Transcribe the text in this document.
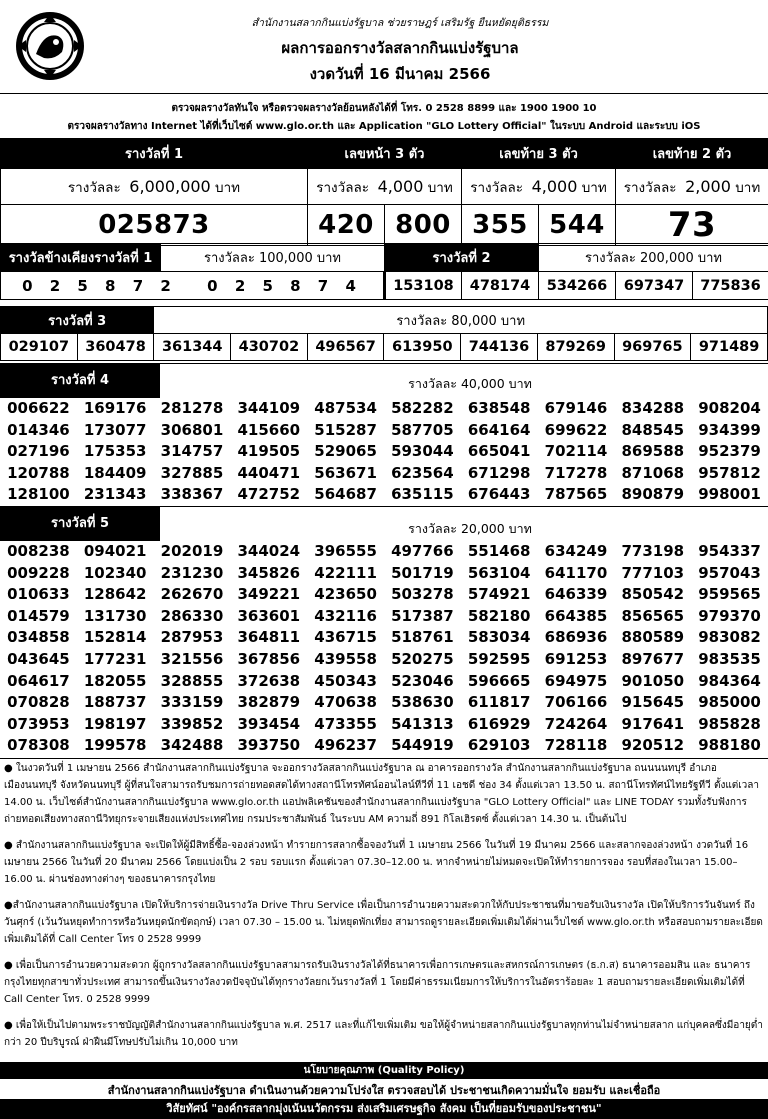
สำนักงานสลากกินแบ่งรัฐบาล ช่วยราษฎร์ เสริมรัฐ ยืนหยัดยุติธรรม
ผลการออกรางวัลสลากกินแบ่งรัฐบาล
งวดวันที่ 16 มีนาคม 2566
ตรวจผลรางวัลทันใจ หรือตรวจผลรางวัลย้อนหลังได้ที่ โทร. 0 2528 8899 และ 1900 1900 10
ตรวจผลรางวัลทาง Internet ได้ที่เว็บไซต์ www.glo.or.th และ Application "GLO Lottery Official" ในระบบ Android และระบบ iOS
รางวัลที่ 1	เลขหน้า 3 ตัว		เลขท้าย 3 ตัว		เลขท้าย 2 ตัว
รางวัลละ 6,000,000 บาท	รางวัลละ 4,000 บาท		รางวัลละ 4,000 บาท		รางวัลละ 2,000 บาท
025873	420	800	355	544	73
รางวัลข้างเคียงรางวัลที่ 1	รางวัลละ 100,000 บาท	รางวัลที่ 2		รางวัลละ 200,000 บาท		
0 2 5 8 7 2 0 2 5 8 7 4		153108	478174	534266	697347	775836
รางวัลที่ 3		รางวัลละ 80,000 บาท							
029107	360478	361344	430702	496567	613950	744136	879269	969765	971489
รางวัลที่ 4	รางวัลละ 40,000 บาท
006622 169176 281278 344109 487534 582282 638548 679146 834288 908204
014346 173077 306801 415660 515287 587705 664164 699622 848545 934399
027196 175353 314757 419505 529065 593044 665041 702114 869588 952379
120788 184409 327885 440471 563671 623564 671298 717278 871068 957812
128100 231343 338367 472752 564687 635115 676443 787565 890879 998001
รางวัลที่ 5	รางวัลละ 20,000 บาท
008238 094021 202019 344024 396555 497766 551468 634249 773198 954337
009228 102340 231230 345826 422111 501719 563104 641170 777103 957043
010633 128642 262670 349221 423650 503278 574921 646339 850542 959565
014579 131730 286330 363601 432116 517387 582180 664385 856565 979370
034858 152814 287953 364811 436715 518761 583034 686936 880589 983082
043645 177231 321556 367856 439558 520275 592595 691253 897677 983535
064617 182055 328855 372638 450343 523046 596665 694975 901050 984364
070828 188737 333159 382879 470638 538630 611817 706166 915645 985000
073953 198197 339852 393454 473355 541313 616929 724264 917641 985828
078308 199578 342488 393750 496237 544919 629103 728118 920512 988180

● ในงวดวันที่ 1 เมษายน 2566 สำนักงานสลากกินแบ่งรัฐบาล จะออกรางวัลสลากกินแบ่งรัฐบาล ณ อาคารออกรางวัล สำนักงานสลากกินแบ่งรัฐบาล ถนนนนทบุรี อำเภอเมืองนนทบุรี จังหวัดนนทบุรี ผู้ที่สนใจสามารถรับชมการถ่ายทอดสดได้ทางสถานีโทรทัศน์ออนไลน์ทีวีที่ 11 เอชดี ช่อง 34 ตั้งแต่เวลา 13.50 น. สถานีโทรทัศน์ไทยรัฐทีวี ตั้งแต่เวลา 14.00 น. เว็บไซต์สำนักงานสลากกินแบ่งรัฐบาล www.glo.or.th แอปพลิเคชันของสำนักงานสลากกินแบ่งรัฐบาล "GLO Lottery Official" และ LINE TODAY รวมทั้งรับฟังการถ่ายทอดเสียงทางสถานีวิทยุกระจายเสียงแห่งประเทศไทย กรมประชาสัมพันธ์ ในระบบ AM ความถี่ 891 กิโลเฮิรตซ์ ตั้งแต่เวลา 14.30 น. เป็นต้นไป

● สำนักงานสลากกินแบ่งรัฐบาล จะเปิดให้ผู้มีสิทธิ์ซื้อ-จองล่วงหน้า ทำรายการสลากซื้อจองวันที่ 1 เมษายน 2566 ในวันที่ 19 มีนาคม 2566 และสลากจองล่วงหน้า งวดวันที่ 16 เมษายน 2566 ในวันที่ 20 มีนาคม 2566 โดยแบ่งเป็น 2 รอบ รอบแรก ตั้งแต่เวลา 07.30–12.00 น. หากจำหน่ายไม่หมดจะเปิดให้ทำรายการจอง รอบที่สองในเวลา 15.00–16.00 น. ผ่านช่องทางต่างๆ ของธนาคารกรุงไทย

●สำนักงานสลากกินแบ่งรัฐบาล เปิดให้บริการจ่ายเงินรางวัล Drive Thru Service เพื่อเป็นการอำนวยความสะดวกให้กับประชาชนที่มาขอรับเงินรางวัล เปิดให้บริการวันจันทร์ ถึงวันศุกร์ (เว้นวันหยุดทำการหรือวันหยุดนักขัตฤกษ์) เวลา 07.30 – 15.00 น. ไม่หยุดพักเที่ยง สามารถดูรายละเอียดเพิ่มเติมได้ผ่านเว็บไซต์ www.glo.or.th หรือสอบถามรายละเอียด เพิ่มเติมได้ที่ Call Center โทร 0 2528 9999

● เพื่อเป็นการอำนวยความสะดวก ผู้ถูกรางวัลสลากกินแบ่งรัฐบาลสามารถรับเงินรางวัลได้ที่ธนาคารเพื่อการเกษตรและสหกรณ์การเกษตร (ธ.ก.ส) ธนาคารออมสิน และ ธนาคารกรุงไทยทุกสาขาทั่วประเทศ สามารถขึ้นเงินรางวัลงวดปัจจุบันได้ทุกรางวัลยกเว้นรางวัลที่ 1 โดยมีค่าธรรมเนียมการให้บริการในอัตราร้อยละ 1 สอบถามรายละเอียดเพิ่มเติมได้ที่ Call Center โทร. 0 2528 9999

● เพื่อให้เป็นไปตามพระราชบัญญัติสำนักงานสลากกินแบ่งรัฐบาล พ.ศ. 2517 และที่แก้ไขเพิ่มเติม ขอให้ผู้จำหน่ายสลากกินแบ่งรัฐบาลทุกท่านไม่จำหน่ายสลาก แก่บุคคลซึ่งมีอายุต่ำกว่า 20 ปีบริบูรณ์ ฝ่าฝืนมีโทษปรับไม่เกิน 10,000 บาท

นโยบายคุณภาพ (Quality Policy)
สำนักงานสลากกินแบ่งรัฐบาล ดำเนินงานด้วยความโปร่งใส ตรวจสอบได้ ประชาชนเกิดความมั่นใจ ยอมรับ และเชื่อถือ
วิสัยทัศน์ "องค์กรสลากมุ่งเน้นนวัตกรรม ส่งเสริมเศรษฐกิจ สังคม เป็นที่ยอมรับของประชาชน"
